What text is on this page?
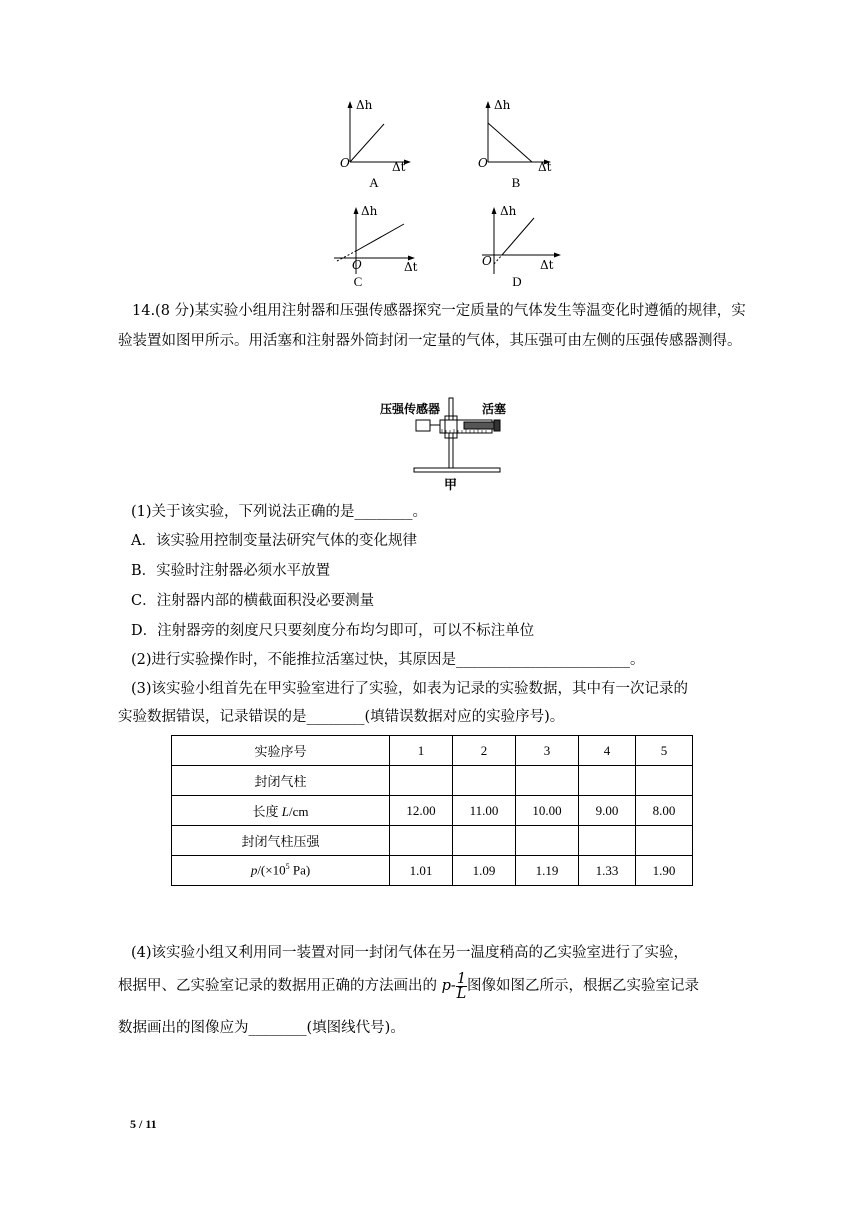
Δh
O	Δt
A
Δh
O	Δt
B
Δh
O	Δt
C
Δh
O	Δt
D
14.(8 分)某实验小组用注射器和压强传感器探究一定质量的气体发生等温变化时遵循的规律，实验装置如图甲所示。用活塞和注射器外筒封闭一定量的气体，其压强可由左侧的压强传感器测得。
压强传感器	活塞
甲
(1)关于该实验，下列说法正确的是________。
A．该实验用控制变量法研究气体的变化规律
B．实验时注射器必须水平放置
C．注射器内部的横截面积没必要测量
D．注射器旁的刻度尺只要刻度分布均匀即可，可以不标注单位
(2)进行实验操作时，不能推拉活塞过快，其原因是________________________。
(3)该实验小组首先在甲实验室进行了实验，如表为记录的实验数据，其中有一次记录的
实验数据错误，记录错误的是________(填错误数据对应的实验序号)。
实验序号	1	2	3	4	5
封闭气柱					
长度 L/cm	12.00	11.00	10.00	9.00	8.00
封闭气柱压强					
$p/(\times 10^5$ Pa)	1.01	1.09	1.19	1.33	1.90
(4)该实验小组又利用同一装置对同一封闭气体在另一温度稍高的乙实验室进行了实验，
根据甲、乙实验室记录的数据用正确的方法画出的 $p- \frac{1}{L}$ 图像如图乙所示，根据乙实验室记录
数据画出的图像应为________(填图线代号)。
5 / 11
